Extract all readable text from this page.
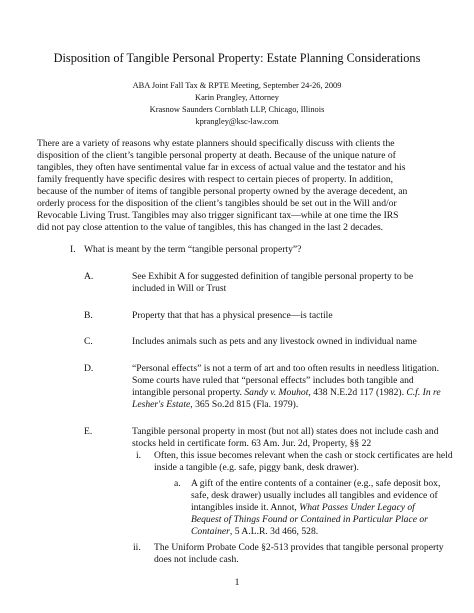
Disposition of Tangible Personal Property: Estate Planning Considerations
ABA Joint Fall Tax & RPTE Meeting, September 24-26, 2009
Karin Prangley, Attorney
Krasnow Saunders Cornblath LLP, Chicago, Illinois
kprangley@ksc-law.com
There are a variety of reasons why estate planners should specifically discuss with clients the
disposition of the client’s tangible personal property at death. Because of the unique nature of
tangibles, they often have sentimental value far in excess of actual value and the testator and his
family frequently have specific desires with respect to certain pieces of property. In addition,
because of the number of items of tangible personal property owned by the average decedent, an
orderly process for the disposition of the client’s tangibles should be set out in the Will and/or
Revocable Living Trust. Tangibles may also trigger significant tax—while at one time the IRS
did not pay close attention to the value of tangibles, this has changed in the last 2 decades.
I. What is meant by the term “tangible personal property”?
A.	See Exhibit A for suggested definition of tangible personal property to be
included in Will or Trust
B.	Property that that has a physical presence—is tactile
C.	Includes animals such as pets and any livestock owned in individual name
D.	“Personal effects” is not a term of art and too often results in needless litigation.
Some courts have ruled that “personal effects” includes both tangible and
intangible personal property. Sandy v. Mouhot, 438 N.E.2d 117 (1982). C.f. In re
Lesher's Estate, 365 So.2d 815 (Fla. 1979).
E.	Tangible personal property in most (but not all) states does not include cash and
stocks held in certificate form. 63 Am. Jur. 2d, Property, §§ 22
i. Often, this issue becomes relevant when the cash or stock certificates are held
inside a tangible (e.g. safe, piggy bank, desk drawer).
a. A gift of the entire contents of a container (e.g., safe deposit box,
safe, desk drawer) usually includes all tangibles and evidence of
intangibles inside it. Annot, What Passes Under Legacy of
Bequest of Things Found or Contained in Particular Place or
Container, 5 A.L.R. 3d 466, 528.
ii. The Uniform Probate Code §2-513 provides that tangible personal property
does not include cash.
1
